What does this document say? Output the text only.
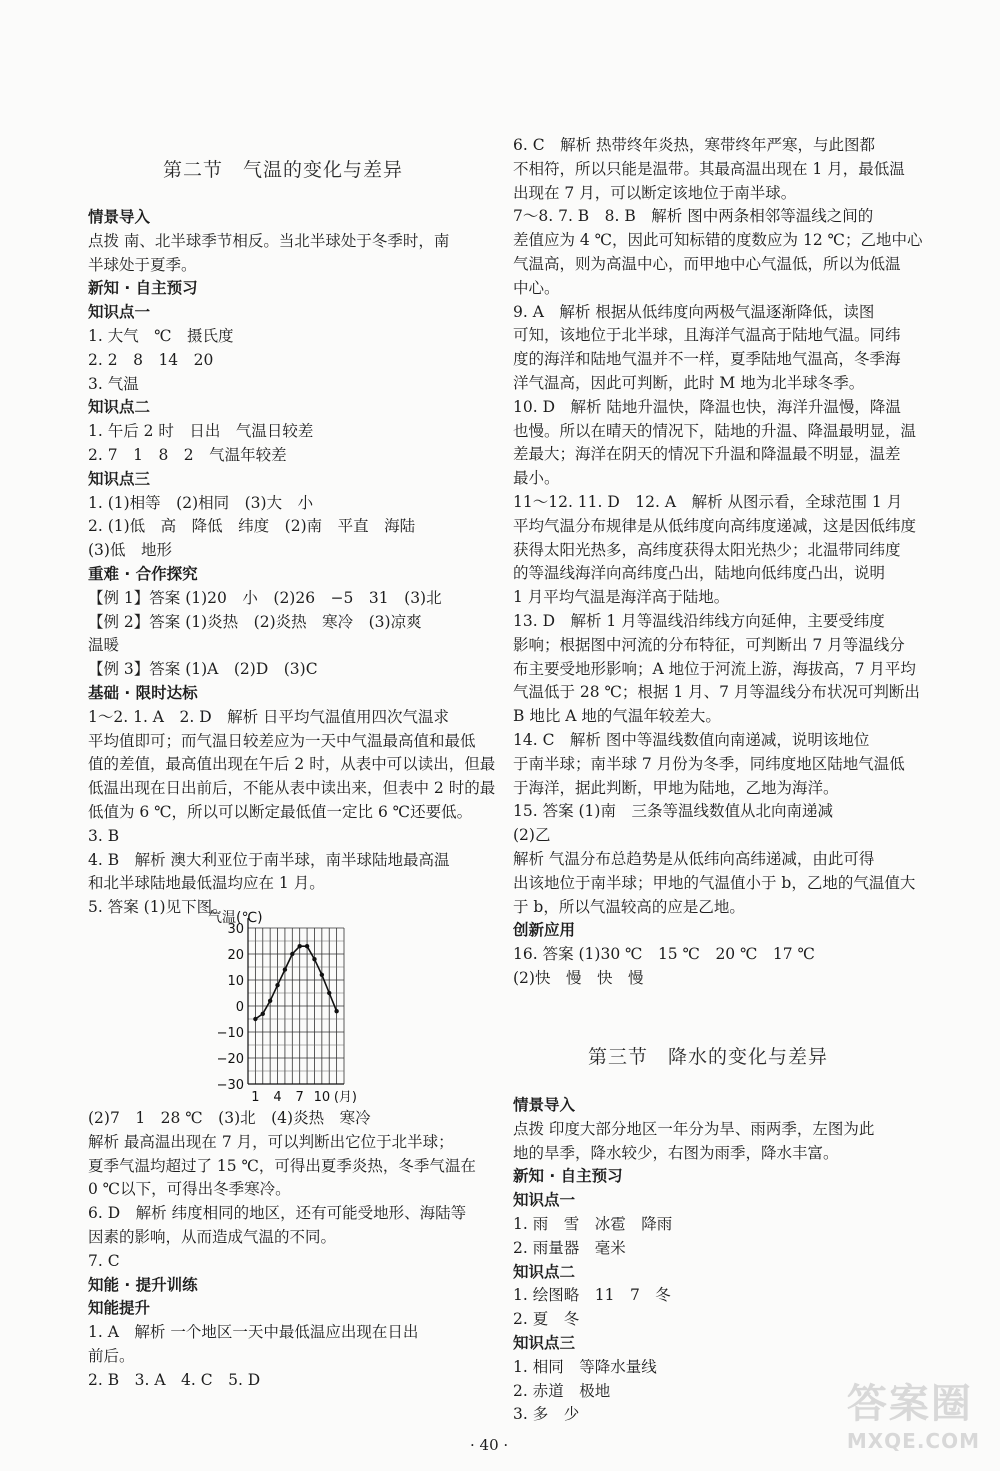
第二节　气温的变化与差异
情景导入
点拨 南、北半球季节相反。当北半球处于冬季时，南
半球处于夏季。
新知 · 自主预习
知识点一
1. 大气　℃　摄氏度
2. 2　8　14　20
3. 气温
知识点二
1. 午后 2 时　日出　气温日较差
2. 7　1　8　2　气温年较差
知识点三
1. (1)相等　(2)相同　(3)大　小
2. (1)低　高　降低　纬度　(2)南　平直　海陆
(3)低　地形
重难 · 合作探究
【例 1】答案 (1)20　小　(2)26　−5　31　(3)北
【例 2】答案 (1)炎热　(2)炎热　寒冷　(3)凉爽
温暖
【例 3】答案 (1)A　(2)D　(3)C
基础 · 限时达标
1～2. 1. A　2. D　解析 日平均气温值用四次气温求
平均值即可；而气温日较差应为一天中气温最高值和最低
值的差值，最高值出现在午后 2 时，从表中可以读出，但最
低温出现在日出前后，不能从表中读出来，但表中 2 时的最
低值为 6 ℃，所以可以断定最低值一定比 6 ℃还要低。
3. B
4. B　解析 澳大利亚位于南半球，南半球陆地最高温
和北半球陆地最低温均应在 1 月。
5. 答案 (1)见下图。
气温(℃)
30
20
10
0
−10
−20
−30
1 4 7 10 (月)
(2)7　1　28 ℃　(3)北　(4)炎热　寒冷
解析 最高温出现在 7 月，可以判断出它位于北半球；
夏季气温均超过了 15 ℃，可得出夏季炎热，冬季气温在
0 ℃以下，可得出冬季寒冷。
6. D　解析 纬度相同的地区，还有可能受地形、海陆等
因素的影响，从而造成气温的不同。
7. C
知能 · 提升训练
知能提升
1. A　解析 一个地区一天中最低温应出现在日出
前后。
2. B　3. A　4. C　5. D
6. C　解析 热带终年炎热，寒带终年严寒，与此图都
不相符，所以只能是温带。其最高温出现在 1 月，最低温
出现在 7 月，可以断定该地位于南半球。
7～8. 7. B　8. B　解析 图中两条相邻等温线之间的
差值应为 4 ℃，因此可知标错的度数应为 12 ℃；乙地中心
气温高，则为高温中心，而甲地中心气温低，所以为低温
中心。
9. A　解析 根据从低纬度向两极气温逐渐降低，读图
可知，该地位于北半球，且海洋气温高于陆地气温。同纬
度的海洋和陆地气温并不一样，夏季陆地气温高，冬季海
洋气温高，因此可判断，此时 M 地为北半球冬季。
10. D　解析 陆地升温快，降温也快，海洋升温慢，降温
也慢。所以在晴天的情况下，陆地的升温、降温最明显，温
差最大；海洋在阴天的情况下升温和降温最不明显，温差
最小。
11～12. 11. D　12. A　解析 从图示看，全球范围 1 月
平均气温分布规律是从低纬度向高纬度递减，这是因低纬度
获得太阳光热多，高纬度获得太阳光热少；北温带同纬度
的等温线海洋向高纬度凸出，陆地向低纬度凸出，说明
1 月平均气温是海洋高于陆地。
13. D　解析 1 月等温线沿纬线方向延伸，主要受纬度
影响；根据图中河流的分布特征，可判断出 7 月等温线分
布主要受地形影响；A 地位于河流上游，海拔高，7 月平均
气温低于 28 ℃；根据 1 月、7 月等温线分布状况可判断出
B 地比 A 地的气温年较差大。
14. C　解析 图中等温线数值向南递减，说明该地位
于南半球；南半球 7 月份为冬季，同纬度地区陆地气温低
于海洋，据此判断，甲地为陆地，乙地为海洋。
15. 答案 (1)南　三条等温线数值从北向南递减
(2)乙
解析 气温分布总趋势是从低纬向高纬递减，由此可得
出该地位于南半球；甲地的气温值小于 b，乙地的气温值大
于 b，所以气温较高的应是乙地。
创新应用
16. 答案 (1)30 ℃　15 ℃　20 ℃　17 ℃
(2)快　慢　快　慢
第三节　降水的变化与差异
情景导入
点拨 印度大部分地区一年分为旱、雨两季，左图为此
地的旱季，降水较少，右图为雨季，降水丰富。
新知 · 自主预习
知识点一
1. 雨　雪　冰雹　降雨
2. 雨量器　毫米
知识点二
1. 绘图略　11　7　冬
2. 夏　冬
知识点三
1. 相同　等降水量线
2. 赤道　极地
3. 多　少
· 40 ·
答案圈
MXQE.COM
